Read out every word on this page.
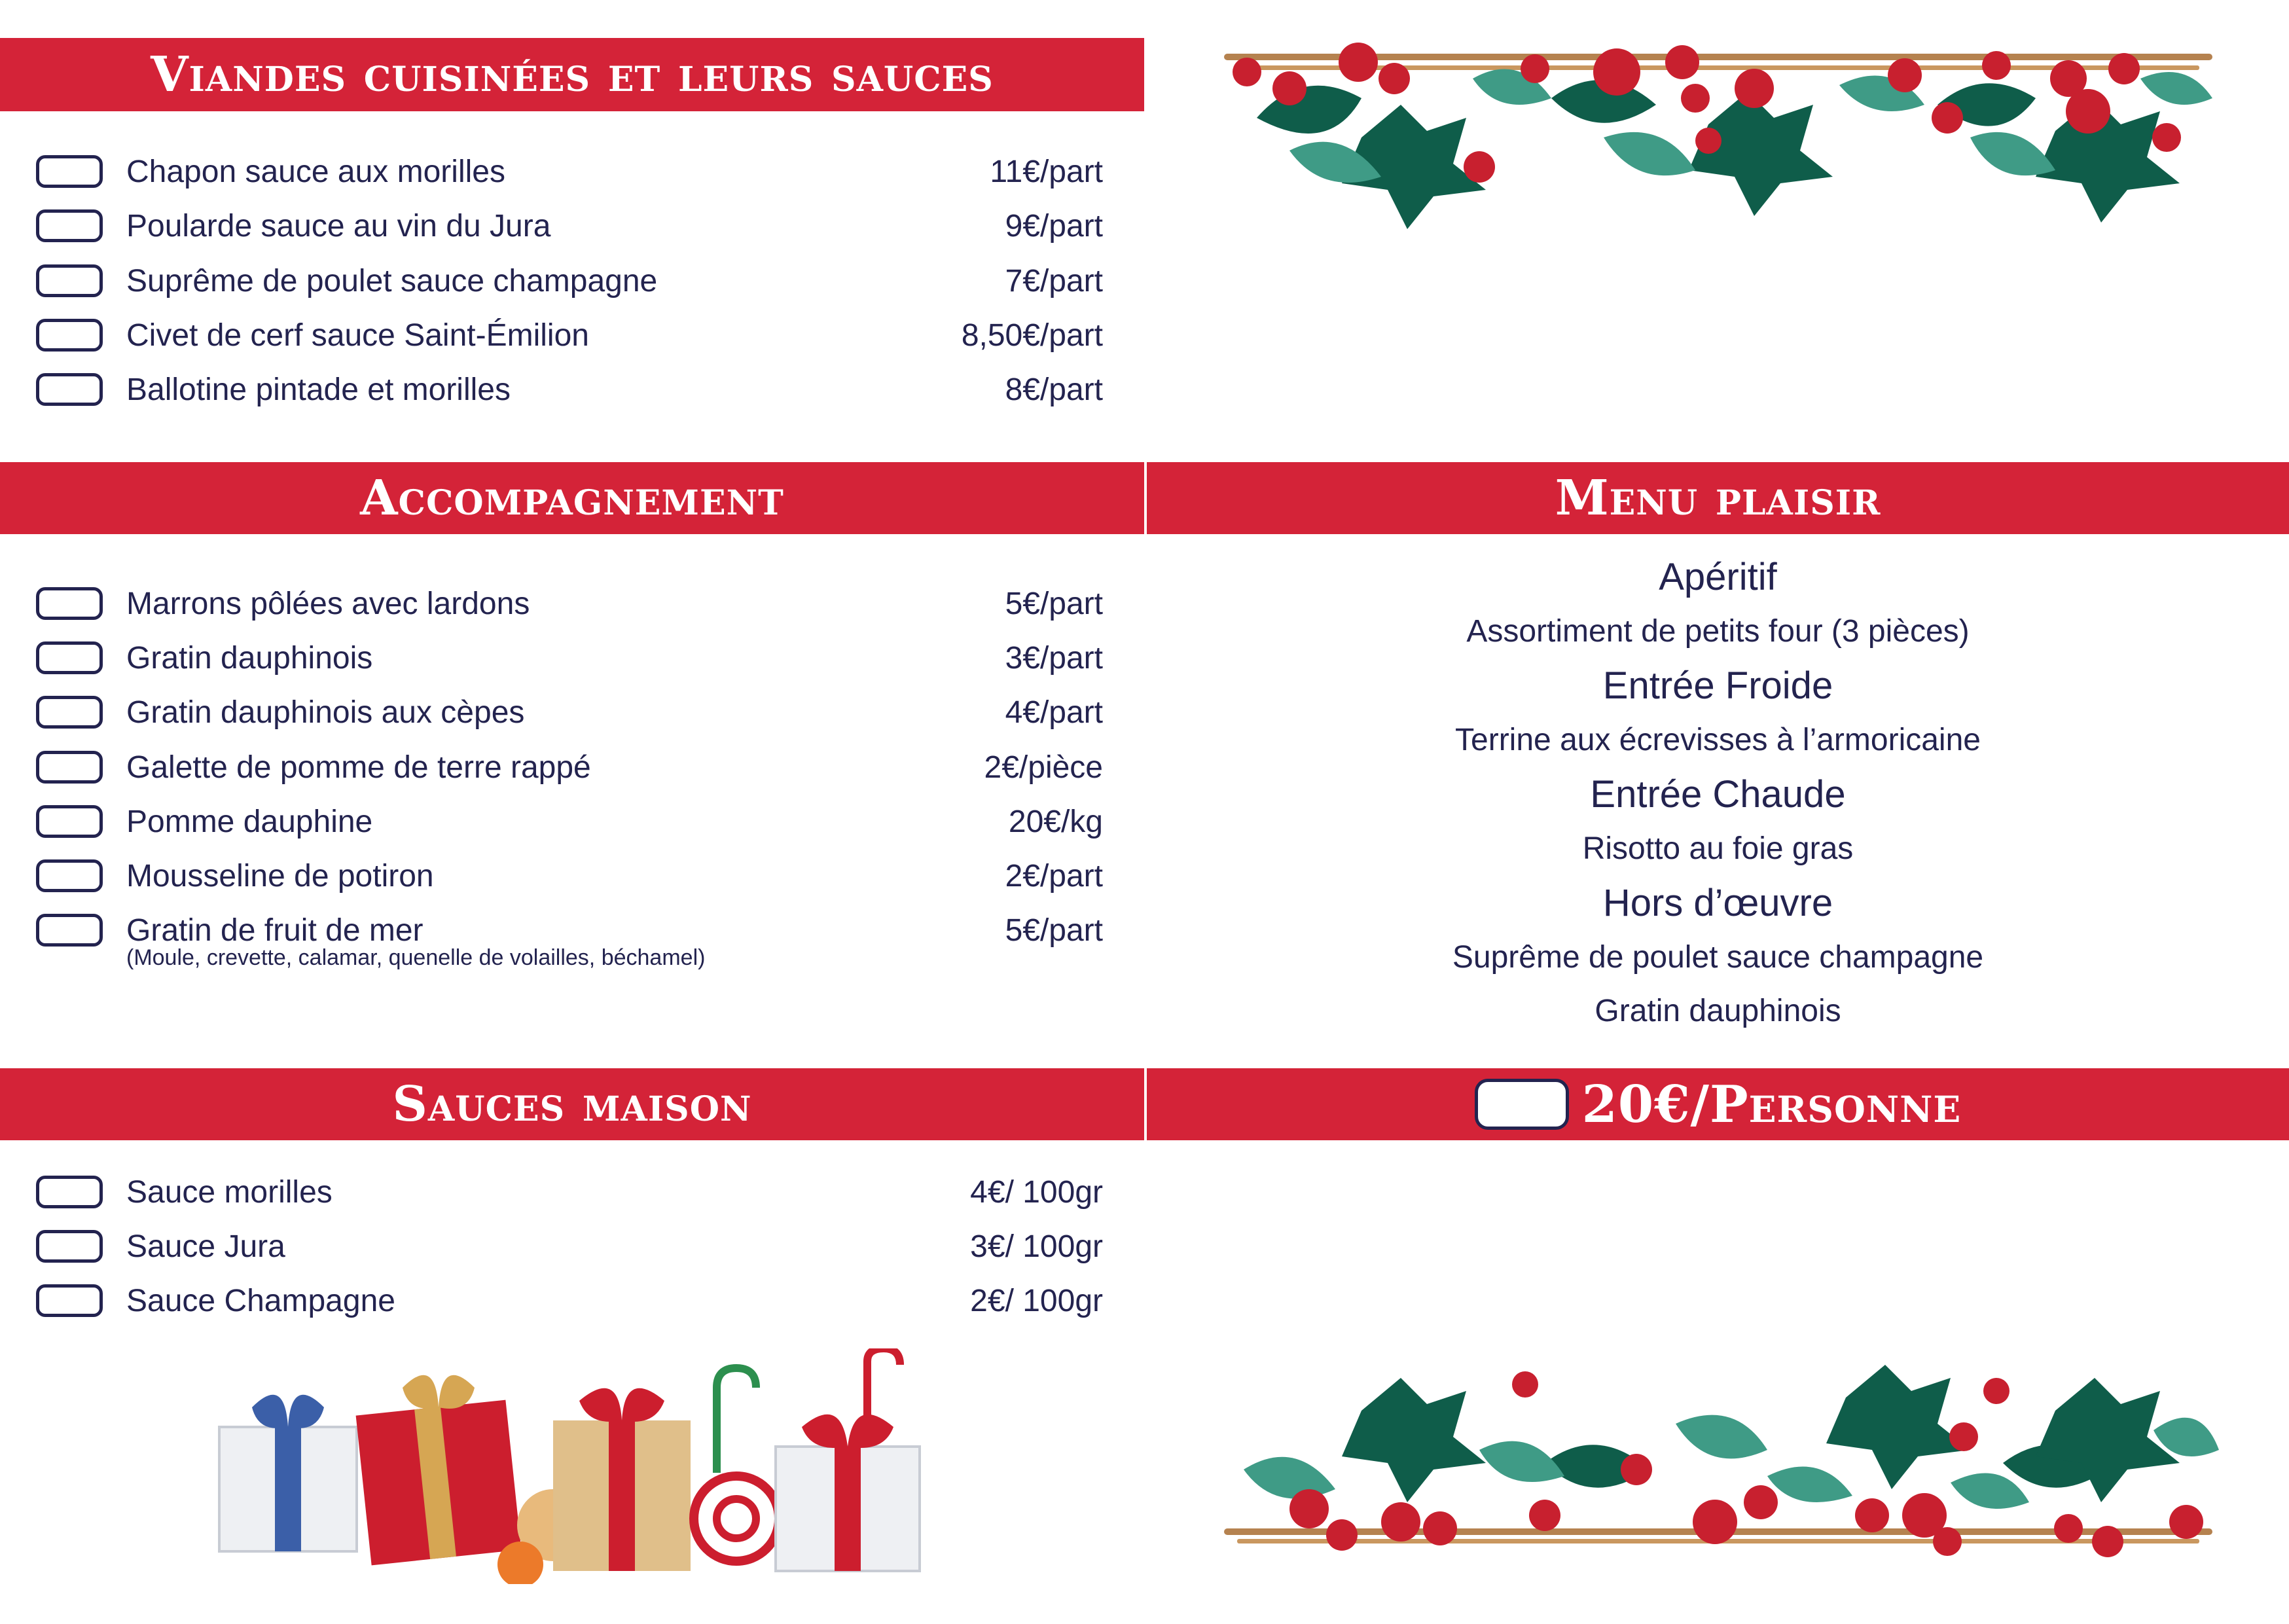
Viandes cuisinées et leurs sauces
Chapon sauce aux morilles	11€/part
Poularde sauce au vin du Jura	9€/part
Suprême de poulet sauce champagne	7€/part
Civet de cerf sauce Saint-Émilion	8,50€/part
Ballotine pintade et morilles	8€/part
Accompagnement
Marrons pôlées avec lardons	5€/part
Gratin dauphinois	3€/part
Gratin dauphinois aux cèpes	4€/part
Galette de pomme de terre rappé	2€/pièce
Pomme dauphine	20€/kg
Mousseline de potiron	2€/part
Gratin de fruit de mer	5€/part
(Moule, crevette, calamar, quenelle de volailles, béchamel)
Sauces maison
Sauce morilles	4€/ 100gr
Sauce Jura	3€/ 100gr
Sauce Champagne	2€/ 100gr
Menu plaisir
Apéritif
Assortiment de petits four (3 pièces)
Entrée Froide
Terrine aux écrevisses à l’armoricaine
Entrée Chaude
Risotto au foie gras
Hors d’œuvre
Suprême de poulet sauce champagne
Gratin dauphinois
20€/Personne
